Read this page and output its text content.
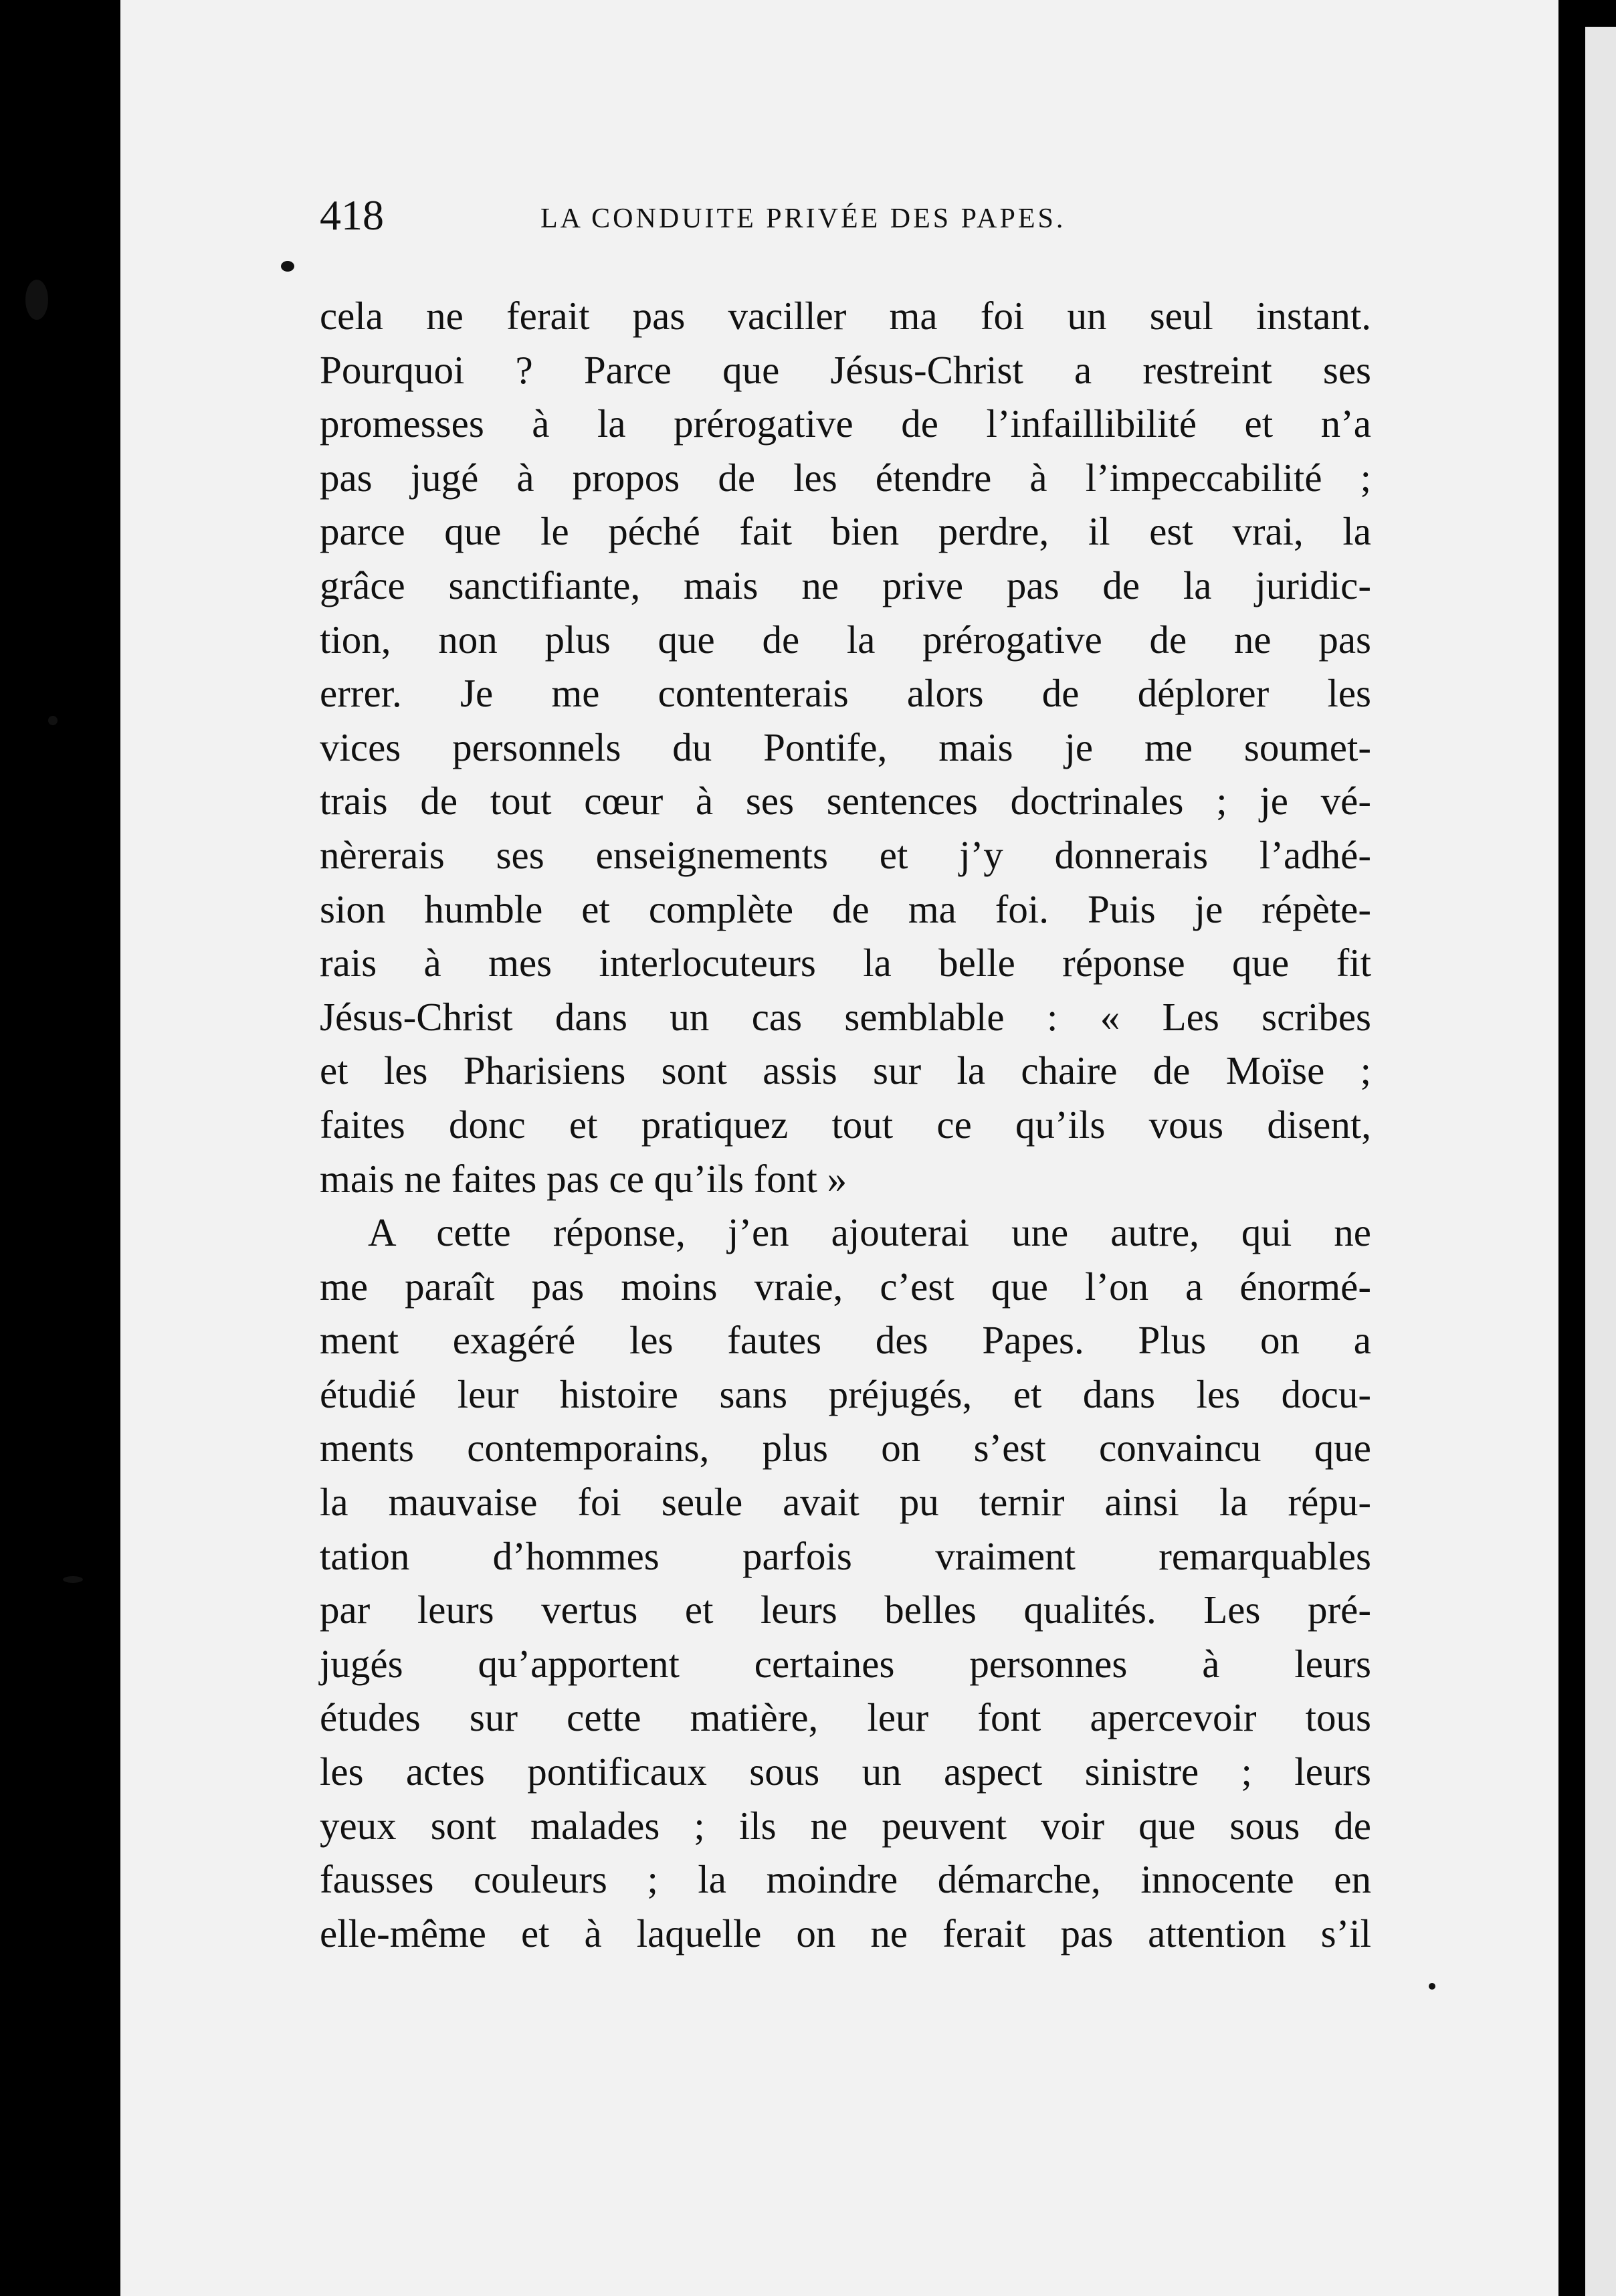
418	LA CONDUITE PRIVÉE DES PAPES.
cela ne ferait pas vaciller ma foi un seul instant.
Pourquoi ? Parce que Jésus-Christ a restreint ses
promesses à la prérogative de l’infaillibilité et n’a
pas jugé à propos de les étendre à l’impeccabilité ;
parce que le péché fait bien perdre, il est vrai, la
grâce sanctifiante, mais ne prive pas de la juridic-
tion, non plus que de la prérogative de ne pas
errer. Je me contenterais alors de déplorer les
vices personnels du Pontife, mais je me soumet-
trais de tout cœur à ses sentences doctrinales ; je vé-
nèrerais ses enseignements et j’y donnerais l’adhé-
sion humble et complète de ma foi. Puis je répète-
rais à mes interlocuteurs la belle réponse que fit
Jésus-Christ dans un cas semblable : « Les scribes
et les Pharisiens sont assis sur la chaire de Moïse ;
faites donc et pratiquez tout ce qu’ils vous disent,
mais ne faites pas ce qu’ils font »
A cette réponse, j’en ajouterai une autre, qui ne
me paraît pas moins vraie, c’est que l’on a énormé-
ment exagéré les fautes des Papes. Plus on a
étudié leur histoire sans préjugés, et dans les docu-
ments contemporains, plus on s’est convaincu que
la mauvaise foi seule avait pu ternir ainsi la répu-
tation d’hommes parfois vraiment remarquables
par leurs vertus et leurs belles qualités. Les pré-
jugés qu’apportent certaines personnes à leurs
études sur cette matière, leur font apercevoir tous
les actes pontificaux sous un aspect sinistre ; leurs
yeux sont malades ; ils ne peuvent voir que sous de
fausses couleurs ; la moindre démarche, innocente en
elle-même et à laquelle on ne ferait pas attention s’il
